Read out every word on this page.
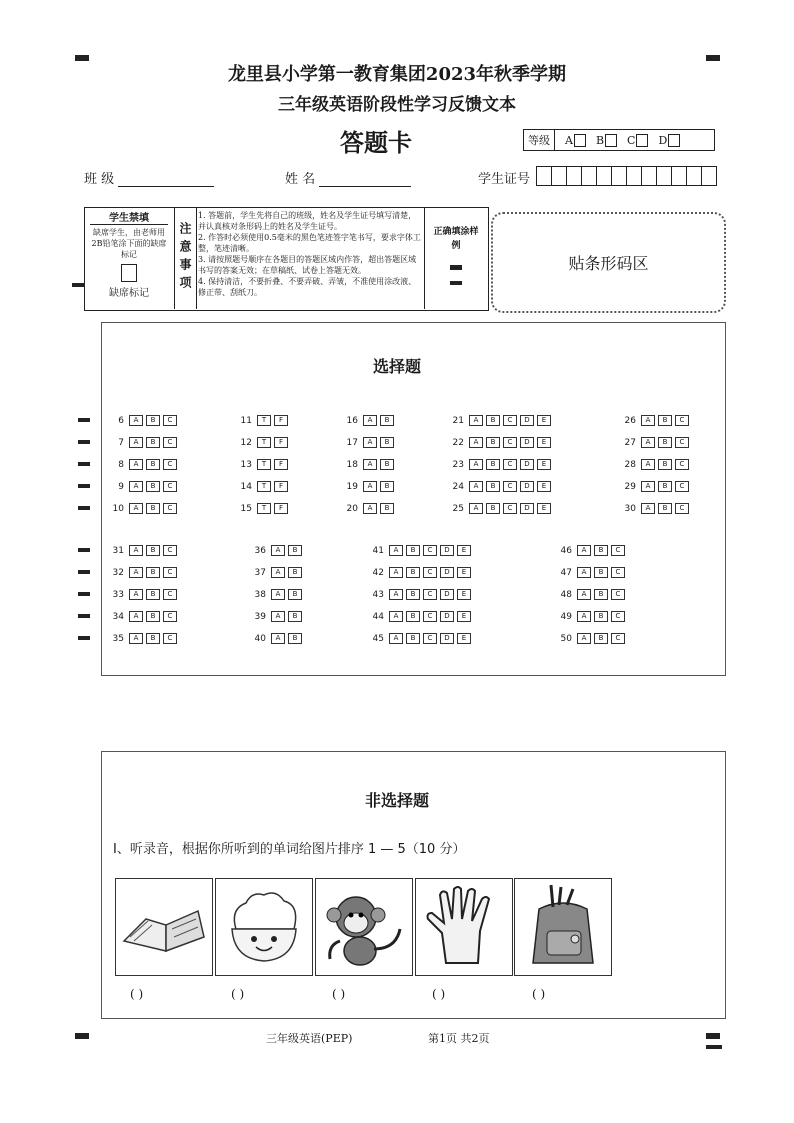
龙里县小学第一教育集团2023年秋季学期
三年级英语阶段性学习反馈文本
答题卡	等级	A B C D
班 级	姓 名	学生证号
学生禁填
缺席学生，由老师用2B铅笔涂下面的缺席标记
缺席标记	注意事项
1. 答题前，学生先将自己的班级，姓名及学生证号填写清楚，并认真核对条形码上的姓名及学生证号。
2. 作答时必须使用0.5毫米的黑色笔迹签字笔书写，要求字体工整，笔迹清晰。
3. 请按照题号顺序在各题目的答题区域内作答，超出答题区域书写的答案无效；在草稿纸、试卷上答题无效。
4. 保持清洁，不要折叠、不要弄破、弄皱，不准使用涂改液、修正带、刮纸刀。
正确填涂样例
贴条形码区
选择题
6	A	B	C
7	A	B	C
8	A	B	C
9	A	B	C
10	A	B	C
11	T	F
12	T	F
13	T	F
14	T	F
15	T	F
16	A	B
17	A	B
18	A	B
19	A	B
20	A	B
21	A	B	C	D	E
22	A	B	C	D	E
23	A	B	C	D	E
24	A	B	C	D	E
25	A	B	C	D	E
26	A	B	C
27	A	B	C
28	A	B	C
29	A	B	C
30	A	B	C
31	A	B	C
32	A	B	C
33	A	B	C
34	A	B	C
35	A	B	C
36	A	B
37	A	B
38	A	B
39	A	B
40	A	B
41	A	B	C	D	E
42	A	B	C	D	E
43	A	B	C	D	E
44	A	B	C	D	E
45	A	B	C	D	E
46	A	B	C
47	A	B	C
48	A	B	C
49	A	B	C
50	A	B	C
非选择题
Ⅰ、听录音，根据你所听到的单词给图片排序 1 — 5（10 分）
( )	( )	( )	( )	( )
三年级英语(PEP)	第1页 共2页
